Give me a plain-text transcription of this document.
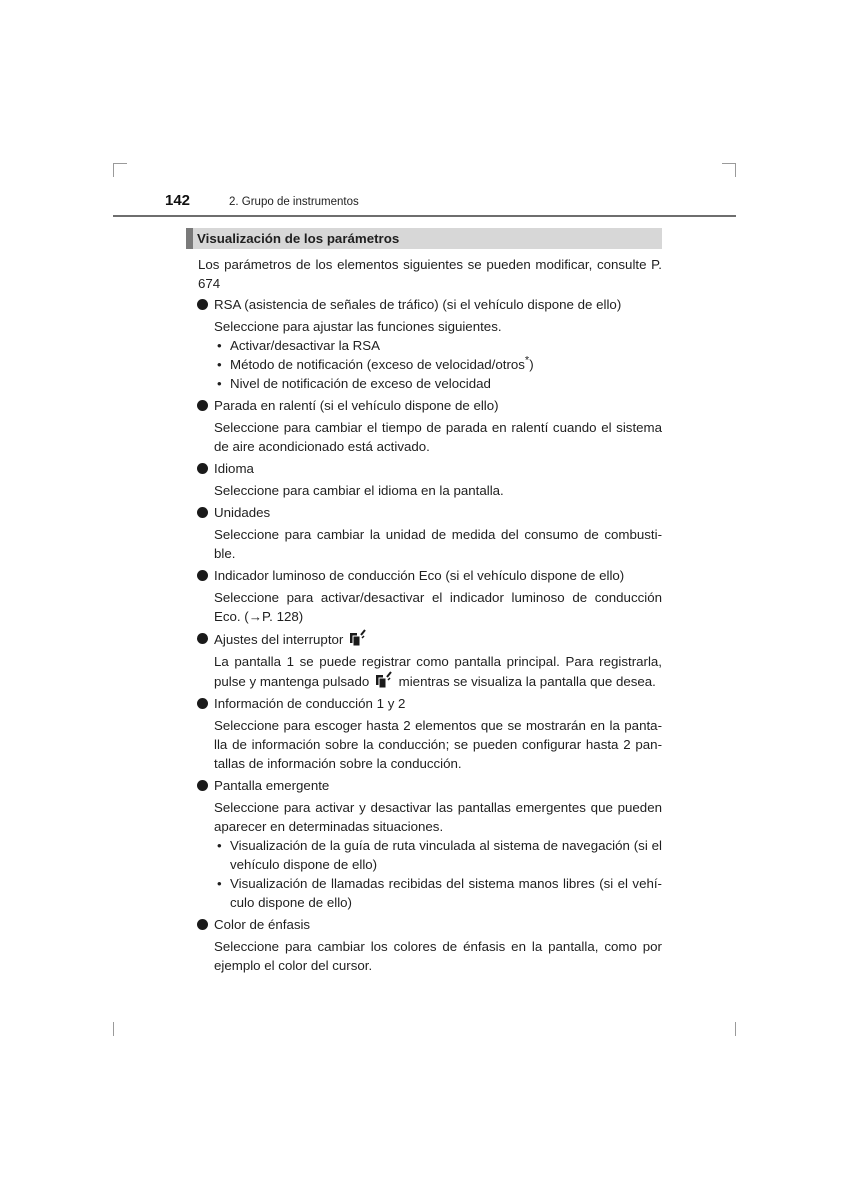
142	2. Grupo de instrumentos
Visualización de los parámetros
Los parámetros de los elementos siguientes se pueden modificar, consulte P. 674
RSA (asistencia de señales de tráfico) (si el vehículo dispone de ello)
Seleccione para ajustar las funciones siguientes.
• Activar/desactivar la RSA
• Método de notificación (exceso de velocidad/otros*)
• Nivel de notificación de exceso de velocidad
Parada en ralentí (si el vehículo dispone de ello)
Seleccione para cambiar el tiempo de parada en ralentí cuando el sistema de aire acondicionado está activado.
Idioma
Seleccione para cambiar el idioma en la pantalla.
Unidades
Seleccione para cambiar la unidad de medida del consumo de combusti-ble.
Indicador luminoso de conducción Eco (si el vehículo dispone de ello)
Seleccione para activar/desactivar el indicador luminoso de conducción Eco. (→P. 128)
Ajustes del interruptor
La pantalla 1 se puede registrar como pantalla principal. Para registrarla, pulse y mantenga pulsado mientras se visualiza la pantalla que desea.
Información de conducción 1 y 2
Seleccione para escoger hasta 2 elementos que se mostrarán en la panta-lla de información sobre la conducción; se pueden configurar hasta 2 pan-tallas de información sobre la conducción.
Pantalla emergente
Seleccione para activar y desactivar las pantallas emergentes que pueden aparecer en determinadas situaciones.
• Visualización de la guía de ruta vinculada al sistema de navegación (si el vehículo dispone de ello)
• Visualización de llamadas recibidas del sistema manos libres (si el vehí-culo dispone de ello)
Color de énfasis
Seleccione para cambiar los colores de énfasis en la pantalla, como por ejemplo el color del cursor.
